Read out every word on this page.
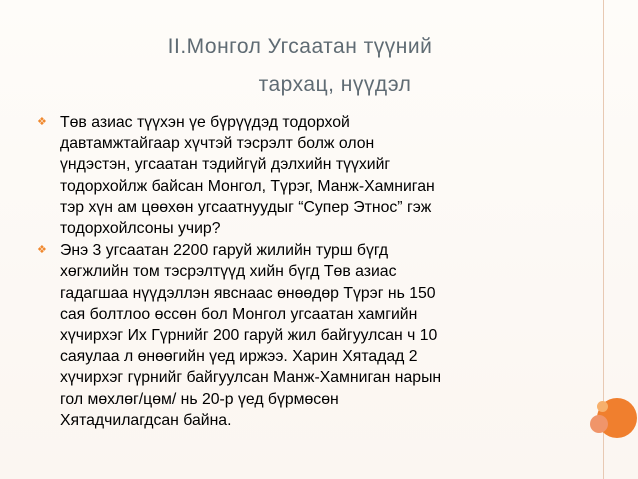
II.Монгол Угсаатан түүний
тархац, нүүдэл
❖ Төв азиас түүхэн үе бүрүүдэд тодорхой
давтамжтайгаар хүчтэй тэсрэлт болж олон
үндэстэн, угсаатан тэдийгүй дэлхийн түүхийг
тодорхойлж байсан Монгол, Түрэг, Манж-Хамниган
тэр хүн ам цөөхөн угсаатнуудыг “Супер Этнос” гэж
тодорхойлсоны учир?
❖ Энэ 3 угсаатан 2200 гаруй жилийн турш бүгд
хөгжлийн том тэсрэлтүүд хийн бүгд Төв азиас
гадагшаа нүүдэллэн явснаас өнөөдөр Түрэг нь 150
сая болтлоо өссөн бол Монгол угсаатан хамгийн
хүчирхэг Их Гүрнийг 200 гаруй жил байгуулсан ч 10
саяулаа л өнөөгийн үед иржээ. Харин Хятадад 2
хүчирхэг гүрнийг байгуулсан Манж-Хамниган нарын
гол мөхлөг/цөм/ нь 20-р үед бүрмөсөн
Хятадчилагдсан байна.
